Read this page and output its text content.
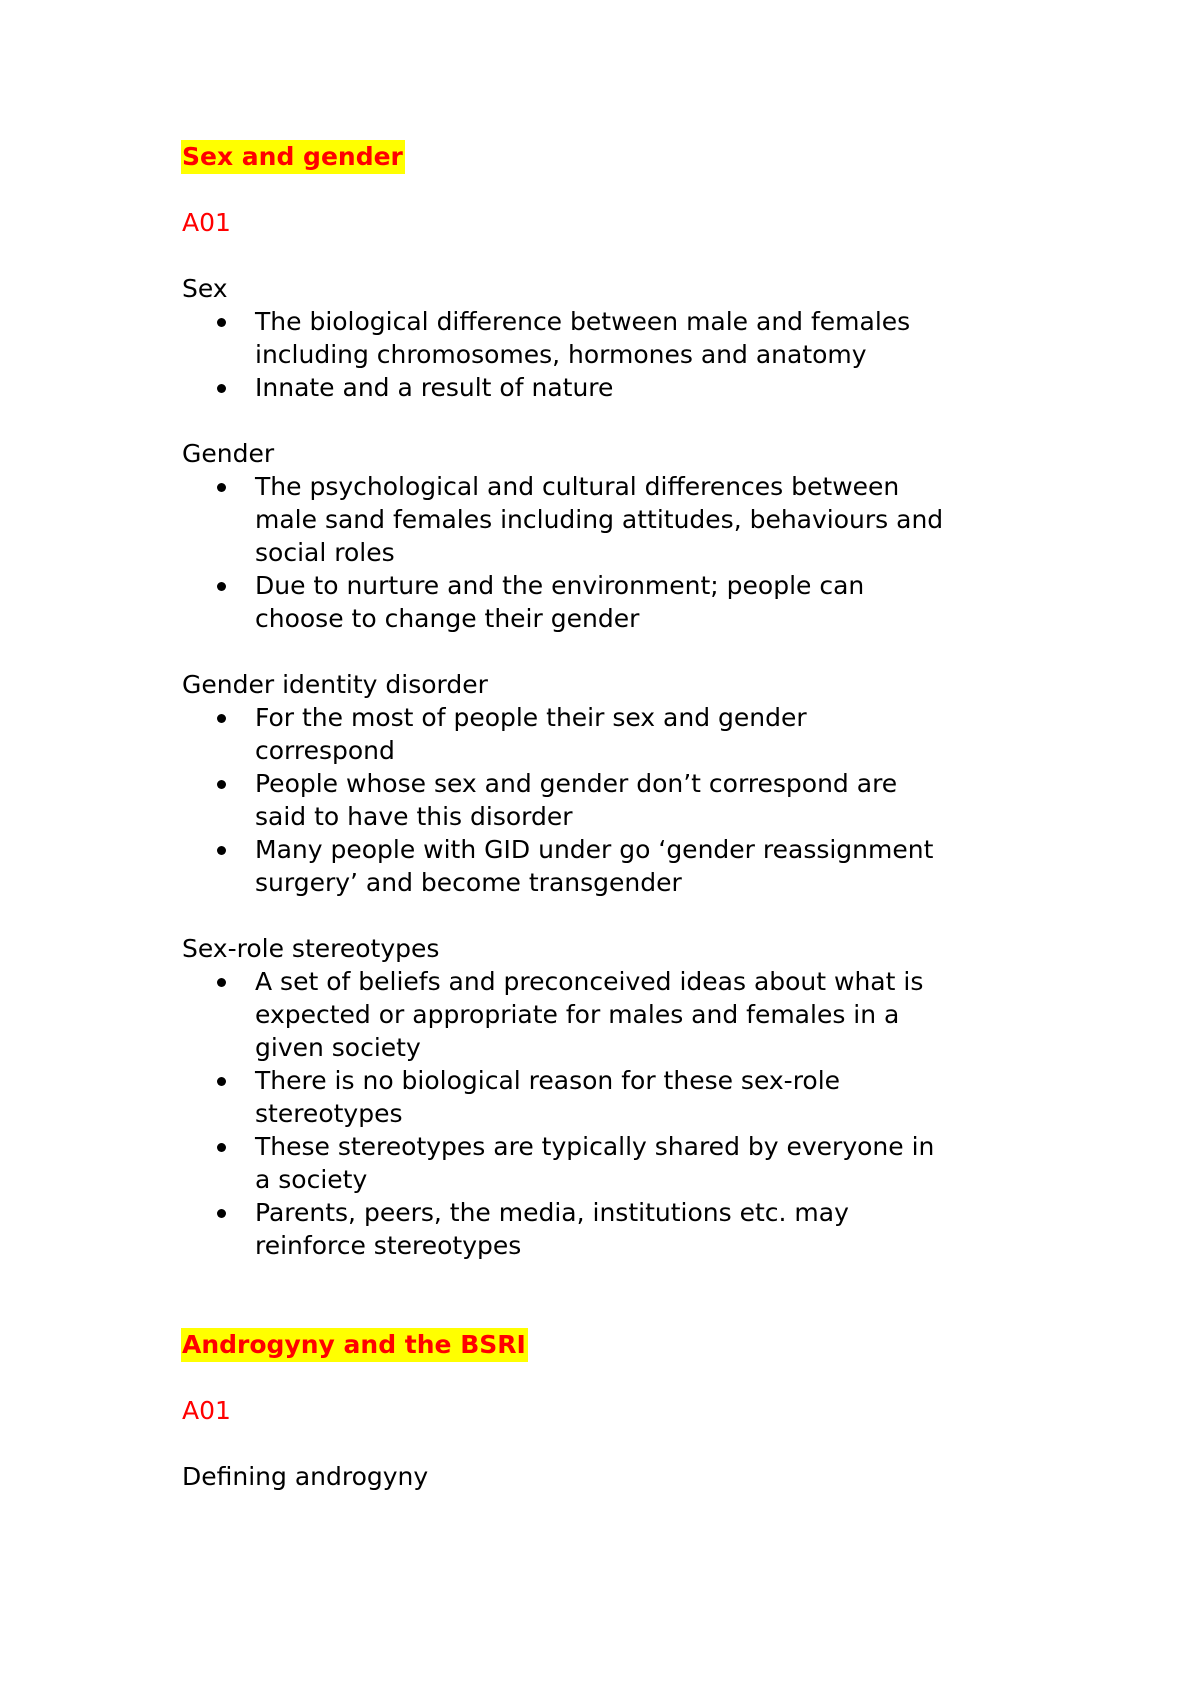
Sex and gender
A01
Sex
The biological difference between male and females including chromosomes, hormones and anatomy
Innate and a result of nature
Gender
The psychological and cultural differences between male sand females including attitudes, behaviours and social roles
Due to nurture and the environment; people can choose to change their gender
Gender identity disorder
For the most of people their sex and gender correspond
People whose sex and gender don’t correspond are said to have this disorder
Many people with GID under go ‘gender reassignment surgery’ and become transgender
Sex-role stereotypes
A set of beliefs and preconceived ideas about what is expected or appropriate for males and females in a given society
There is no biological reason for these sex-role stereotypes
These stereotypes are typically shared by everyone in a society
Parents, peers, the media, institutions etc. may reinforce stereotypes
Androgyny and the BSRI
A01
Defining androgyny
